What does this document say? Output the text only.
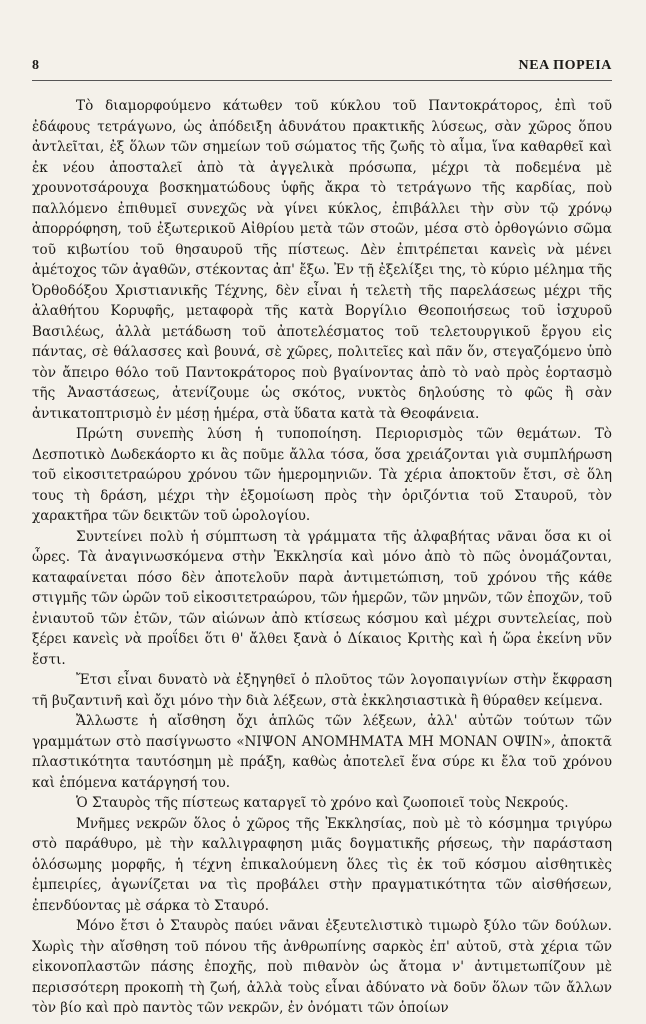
8	ΝΕΑ ΠΟΡΕΙΑ

Τὸ διαμορφούμενο κάτωθεν τοῦ κύκλου τοῦ Παντοκράτορος, ἐπὶ τοῦ ἐδάφους τετράγωνο, ὡς ἀπόδειξη ἀδυνάτου πρακτικῆς λύσεως, σὰν χῶρος ὅπου ἀντλεῖται, ἐξ ὅλων τῶν σημείων τοῦ σώματος τῆς ζωῆς τὸ αἷμα, ἵνα καθαρθεῖ καὶ ἐκ νέου ἀποσταλεῖ ἀπὸ τὰ ἀγγελικὰ πρόσωπα, μέχρι τὰ ποδεμένα μὲ χρουνοτσάρουχα βοσκηματώδους ὑφῆς ἄκρα τὸ τετράγωνο τῆς καρδίας, ποὺ παλλόμενο ἐπιθυμεῖ συνεχῶς νὰ γίνει κύκλος, ἐπιβάλλει τὴν σὺν τῷ χρόνῳ ἀπορρόφηση, τοῦ ἐξωτερικοῦ Αἰθρίου μετὰ τῶν στοῶν, μέσα στὸ ὀρθογώνιο σῶμα τοῦ κιβωτίου τοῦ θησαυροῦ τῆς πίστεως. Δὲν ἐπιτρέπεται κανεὶς νὰ μένει ἀμέτοχος τῶν ἀγαθῶν, στέκοντας ἀπ' ἔξω. Ἐν τῇ ἐξελίξει της, τὸ κύριο μέλημα τῆς Ὀρθοδόξου Χριστιανικῆς Τέχνης, δὲν εἶναι ἡ τελετὴ τῆς παρελάσεως μέχρι τῆς ἀλαθήτου Κορυφῆς, μεταφορὰ τῆς κατὰ Βοργίλιο Θεοποιήσεως τοῦ ἰσχυροῦ Βασιλέως, ἀλλὰ μετάδωση τοῦ ἀποτελέσματος τοῦ τελετουργικοῦ ἔργου εἰς πάντας, σὲ θάλασσες καὶ βουνά, σὲ χῶρες, πολιτεῖες καὶ πᾶν ὅν, στεγαζόμενο ὑπὸ τὸν ἄπειρο θόλο τοῦ Παντοκράτορος ποὺ βγαίνοντας ἀπὸ τὸ ναὸ πρὸς ἑορτασμὸ τῆς Ἀναστάσεως, ἀτενίζουμε ὡς σκότος, νυκτὸς δηλούσης τὸ φῶς ἢ σὰν ἀντικατοπτρισμὸ ἐν μέσῃ ἡμέρα, στὰ ὕδατα κατὰ τὰ Θεοφάνεια.

Πρώτη συνεπὴς λύση ἡ τυποποίηση. Περιορισμὸς τῶν θεμάτων. Τὸ Δεσποτικὸ Δωδεκάορτο κι ἂς ποῦμε ἄλλα τόσα, ὅσα χρειάζονται γιὰ συμπλήρωση τοῦ εἰκοσιτετραώρου χρόνου τῶν ἡμερομηνιῶν. Τὰ χέρια ἀποκτοῦν ἔτσι, σὲ ὅλη τους τὴ δράση, μέχρι τὴν ἐξομοίωση πρὸς τὴν ὁριζόντια τοῦ Σταυροῦ, τὸν χαρακτῆρα τῶν δεικτῶν τοῦ ὡρολογίου.

Συντείνει πολὺ ἡ σύμπτωση τὰ γράμματα τῆς ἀλφαβήτας νᾶναι ὅσα κι οἱ ὧρες. Τὰ ἀναγινωσκόμενα στὴν Ἐκκλησία καὶ μόνο ἀπὸ τὸ πῶς ὀνομάζονται, καταφαίνεται πόσο δὲν ἀποτελοῦν παρὰ ἀντιμετώπιση, τοῦ χρόνου τῆς κάθε στιγμῆς τῶν ὡρῶν τοῦ εἰκοσιτετραώρου, τῶν ἡμερῶν, τῶν μηνῶν, τῶν ἐποχῶν, τοῦ ἐνιαυτοῦ τῶν ἐτῶν, τῶν αἰώνων ἀπὸ κτίσεως κόσμου καὶ μέχρι συντελείας, ποὺ ξέρει κανεὶς νὰ προΐδει ὅτι θ' ἄλθει ξανὰ ὁ Δίκαιος Κριτὴς καὶ ἡ ὥρα ἐκείνη νῦν ἔστι.

Ἔτσι εἶναι δυνατὸ νὰ ἐξηγηθεῖ ὁ πλοῦτος τῶν λογοπαιγνίων στὴν ἔκφραση τῆ βυζαντινῆ καὶ ὄχι μόνο τὴν διὰ λέξεων, στὰ ἐκκλησιαστικὰ ἢ θύραθεν κείμενα.

Ἄλλωστε ἡ αἴσθηση ὄχι ἁπλῶς τῶν λέξεων, ἀλλ' αὐτῶν τούτων τῶν γραμμάτων στὸ πασίγνωστο «ΝΙΨΟΝ ΑΝΟΜΗΜΑΤΑ ΜΗ ΜΟΝΑΝ ΟΨΙΝ», ἀποκτᾶ πλαστικότητα ταυτόσημη μὲ πράξη, καθὼς ἀποτελεῖ ἕνα σύρε κι ἔλα τοῦ χρόνου καὶ ἑπόμενα κατάργησή του.

Ὁ Σταυρὸς τῆς πίστεως καταργεῖ τὸ χρόνο καὶ ζωοποιεῖ τοὺς Νεκρούς.

Μνῆμες νεκρῶν ὅλος ὁ χῶρος τῆς Ἐκκλησίας, ποὺ μὲ τὸ κόσμημα τριγύρω στὸ παράθυρο, μὲ τὴν καλλιγραφηση μιᾶς δογματικῆς ρήσεως, τὴν παράσταση ὁλόσωμης μορφῆς, ἡ τέχνη ἐπικαλούμενη ὅλες τὶς ἐκ τοῦ κόσμου αἰσθητικὲς ἐμπειρίες, ἀγωνίζεται να τὶς προβάλει στὴν πραγματικότητα τῶν αἰσθήσεων, ἐπενδύοντας μὲ σάρκα τὸ Σταυρό.

Μόνο ἔτσι ὁ Σταυρὸς παύει νᾶναι ἐξευτελιστικὸ τιμωρὸ ξύλο τῶν δούλων. Χωρὶς τὴν αἴσθηση τοῦ πόνου τῆς ἀνθρωπίνης σαρκὸς ἐπ' αὐτοῦ, στὰ χέρια τῶν εἰκονοπλαστῶν πάσης ἐποχῆς, ποὺ πιθανὸν ὡς ἄτομα ν' ἀντιμετωπίζουν μὲ περισσότερη προκοπὴ τὴ ζωή, ἀλλὰ τοὺς εἶναι ἀδύνατο νὰ δοῦν ὅλων τῶν ἄλλων τὸν βίο καὶ πρὸ παντὸς τῶν νεκρῶν, ἐν ὀνόματι τῶν ὁποίων
